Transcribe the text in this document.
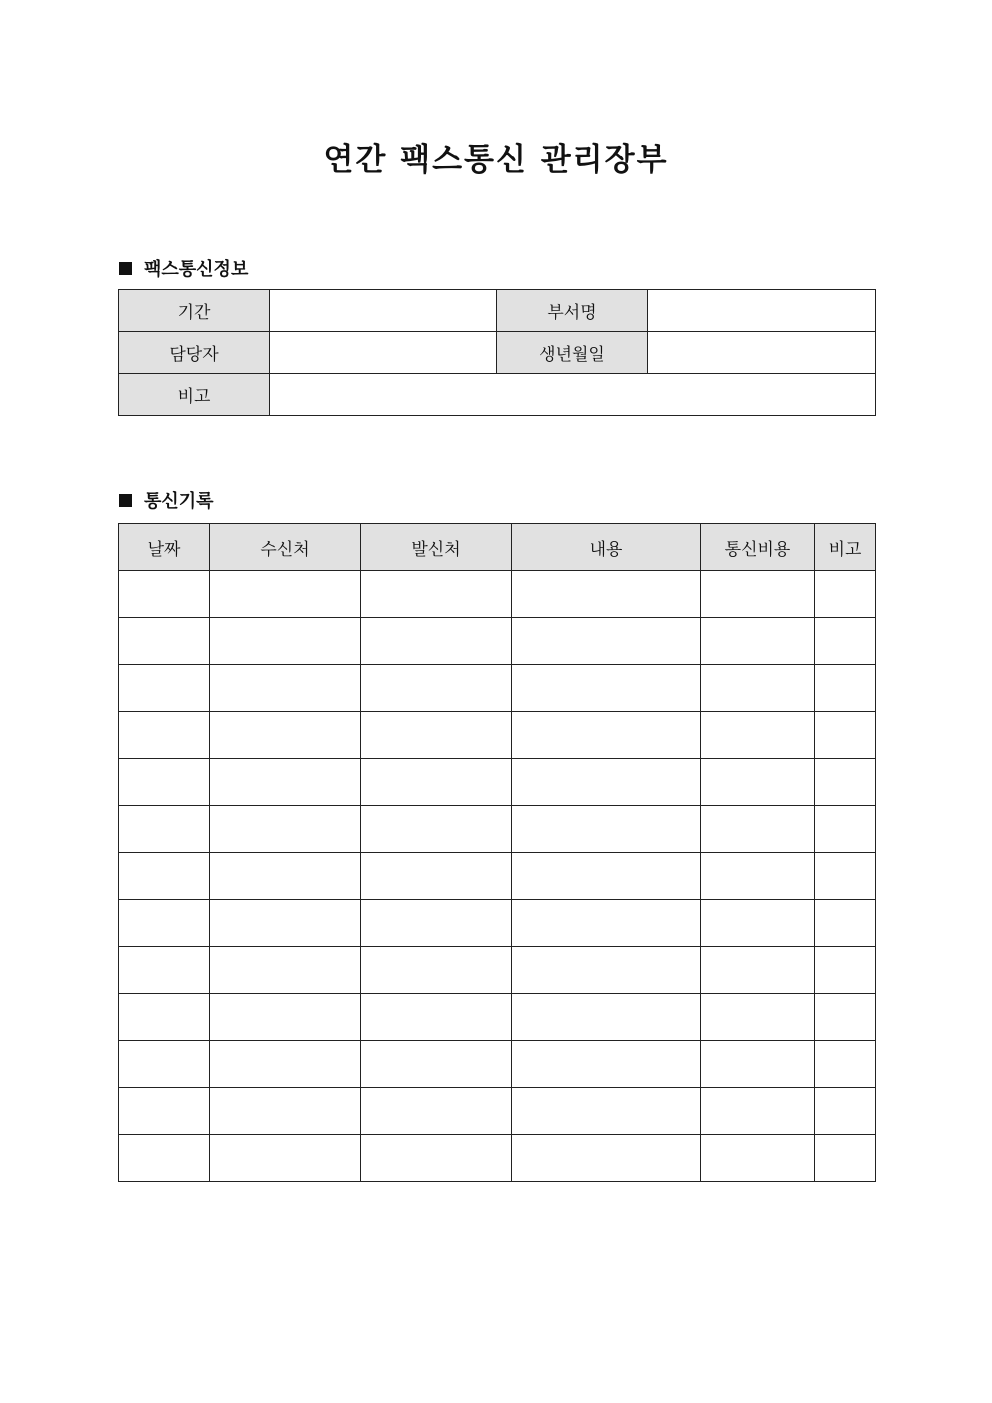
연간 팩스통신 관리장부
팩스통신정보
기간		부서명	
담당자		생년월일	
비고			
통신기록
날짜	수신처	발신처	내용	통신비용	비고
